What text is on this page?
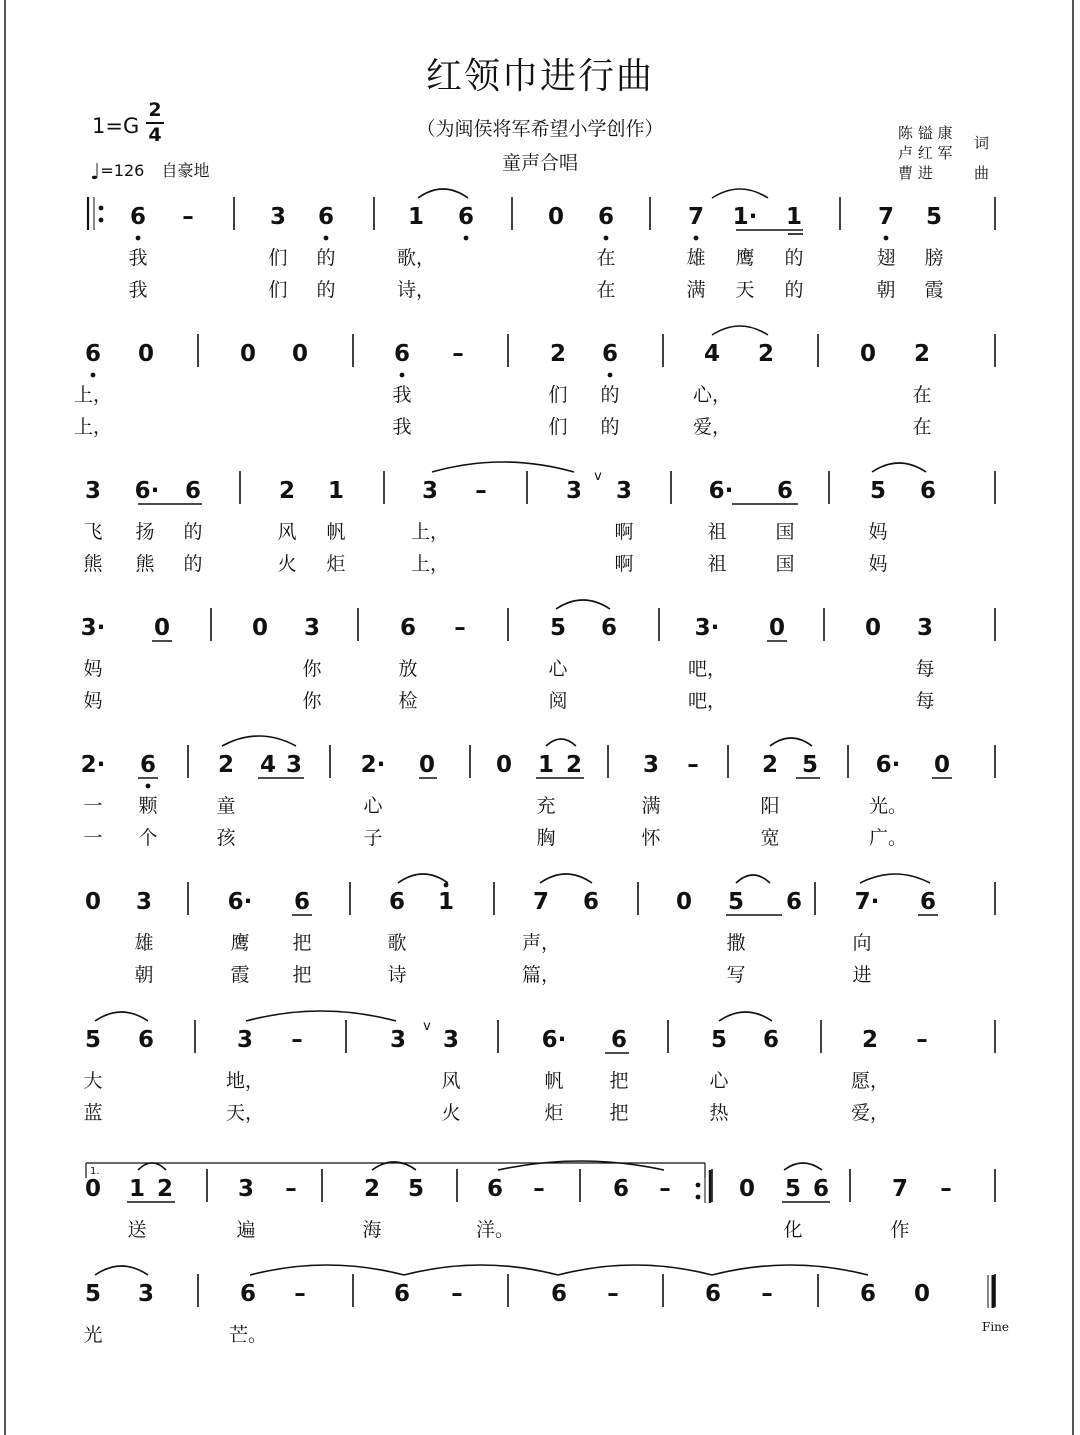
红领巾进行曲
（为闽侯将军希望小学创作）
童声合唱
1=G
2
4
♩=126 自豪地
陈 镒 康
卢 红 军
词
曹 进	曲
6 –	3 6	1 6	0 6	7 1· 1	7 5
我	们 的	歌，	在	雄 鹰 的	翅 膀
我	们 的	诗，	在	满 天 的	朝 霞
6 0	0 0	6 –	2 6	4 2	0 2
上，	我	们 的	心，	在
上，	我	们 的	爱，	在
3 6· 6	2 1	3 –	3 3	6· 6	5 6
飞 扬 的	风 帆	上，	啊	祖	国	妈
熊 熊 的	火 炬	上，	啊	祖	国	妈
3· 0	0 3	6 –	5 6	3· 0	0 3
妈	你	放	心	吧，	每
妈	你	检	阅	吧，	每
2· 6	2 4 3	2· 0	0 1 2	3 –	2 5	6· 0
一 颗	童	心	充	满	阳	光。
一 个	孩	子	胸	怀	宽	广。
0 3	6· 6	6 1	7 6	0 5 6 7· 6
雄	鹰 把	歌	声，	撒	向
朝	霞 把	诗	篇，	写	进
5 6	3 –	3 3	6· 6	5 6	2 –
大	地，	风	帆 把	心	愿，
蓝	天，	火	炬 把	热	爱，
0 1 2	3 –	2 5	6 –	6 –	0 5 6	7 –
送	遍	海	洋。	化	作
5 3	6 –	6 –	6 –	6 –	6 0
光	芒。
v
v
1.
Fine
